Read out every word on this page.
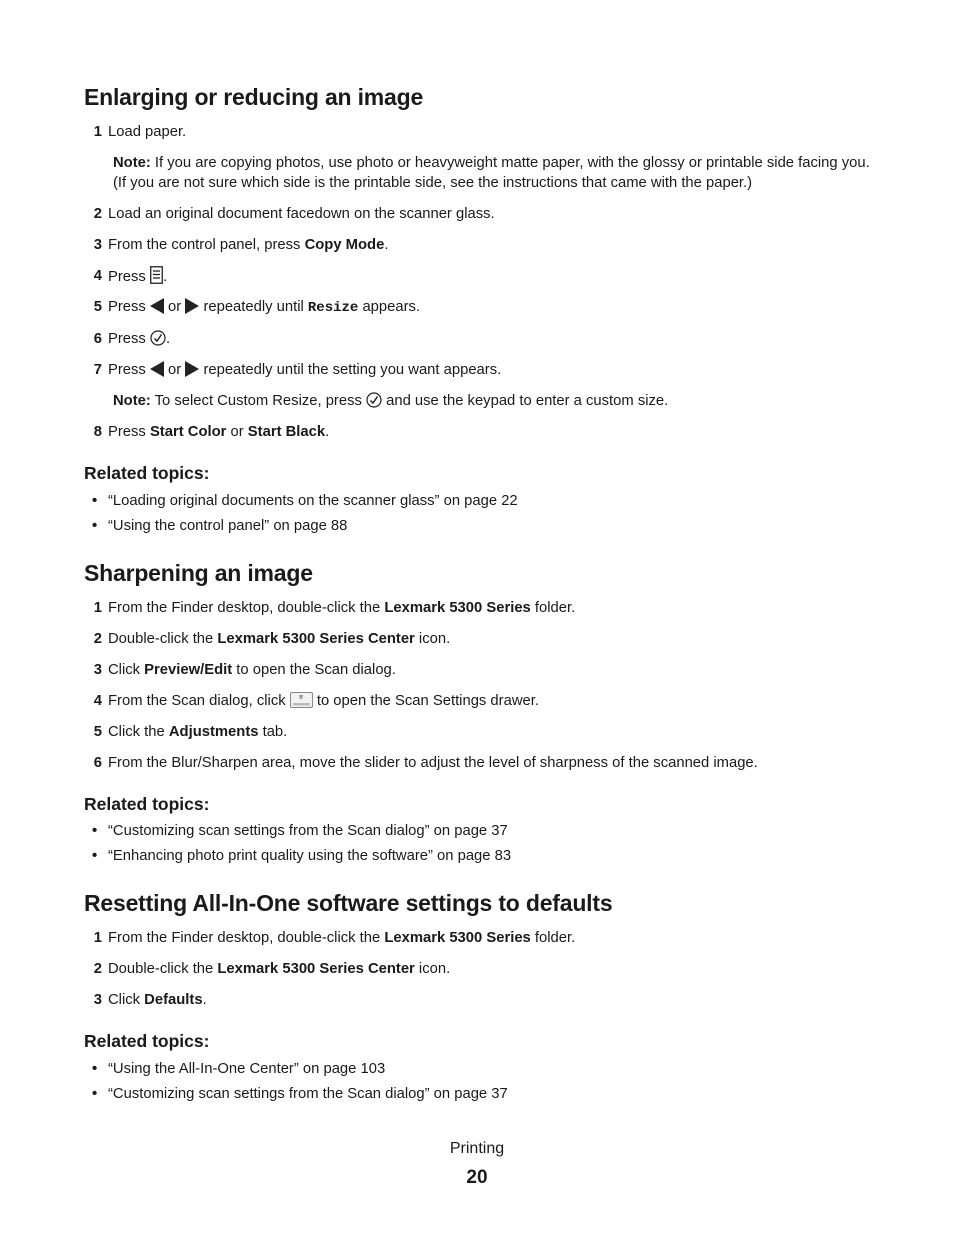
Enlarging or reducing an image
1 Load paper.
Note: If you are copying photos, use photo or heavyweight matte paper, with the glossy or printable side facing you. (If you are not sure which side is the printable side, see the instructions that came with the paper.)
2 Load an original document facedown on the scanner glass.
3 From the control panel, press Copy Mode.
4 Press .
5 Press  or  repeatedly until Resize appears.
6 Press .
7 Press  or  repeatedly until the setting you want appears.
Note: To select Custom Resize, press  and use the keypad to enter a custom size.
8 Press Start Color or Start Black.
Related topics:
• “Loading original documents on the scanner glass” on page 22
• “Using the control panel” on page 88
Sharpening an image
1 From the Finder desktop, double-click the Lexmark 5300 Series folder.
2 Double-click the Lexmark 5300 Series Center icon.
3 Click Preview/Edit to open the Scan dialog.
4 From the Scan dialog, click  to open the Scan Settings drawer.
5 Click the Adjustments tab.
6 From the Blur/Sharpen area, move the slider to adjust the level of sharpness of the scanned image.
Related topics:
• “Customizing scan settings from the Scan dialog” on page 37
• “Enhancing photo print quality using the software” on page 83
Resetting All-In-One software settings to defaults
1 From the Finder desktop, double-click the Lexmark 5300 Series folder.
2 Double-click the Lexmark 5300 Series Center icon.
3 Click Defaults.
Related topics:
• “Using the All-In-One Center” on page 103
• “Customizing scan settings from the Scan dialog” on page 37
Printing
20
